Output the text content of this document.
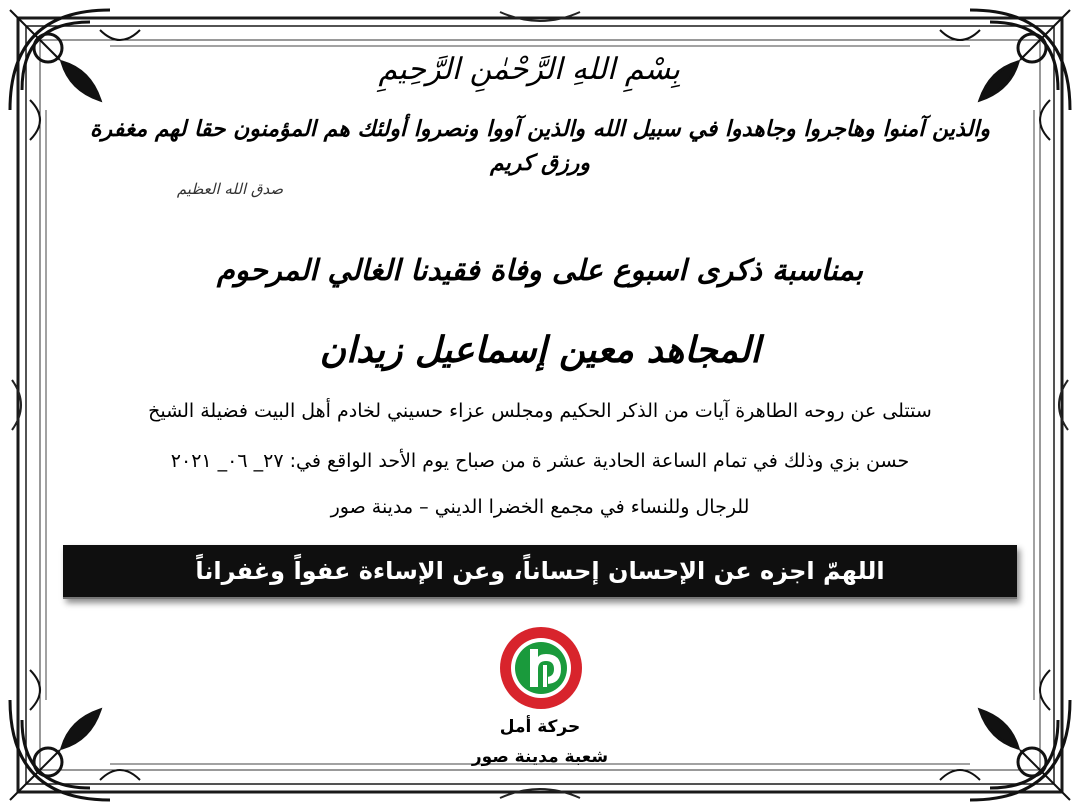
بِسْمِ اللهِ الرَّحْمٰنِ الرَّحِيمِ
والذين آمنوا وهاجروا وجاهدوا في سبيل الله والذين آووا ونصروا أولئك هم المؤمنون حقا لهم مغفرة ورزق كريم
صدق الله العظيم
بمناسبة ذكرى اسبوع على وفاة فقيدنا الغالي المرحوم
المجاهد معين إسماعيل زيدان
ستتلى عن روحه الطاهرة آيات من الذكر الحكيم ومجلس عزاء حسيني لخادم أهل البيت فضيلة الشيخ
حسن بزي وذلك في تمام الساعة الحادية عشر ة من صباح يوم الأحد الواقع في: ٢٧_ ٠٦_ ٢٠٢١
للرجال وللنساء في مجمع الخضرا الديني – مدينة صور
اللهمّ اجزه عن الإحسان إحساناً، وعن الإساءة عفواً وغفراناً
حركة أمل
شعبة مدينة صور
